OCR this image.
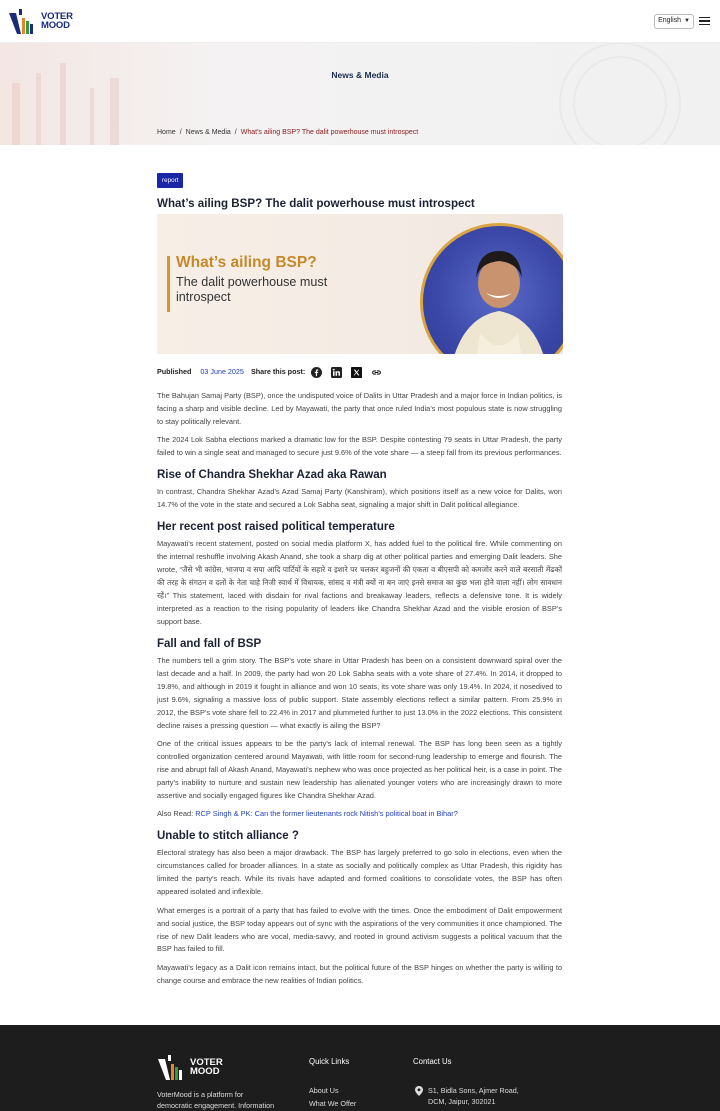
VOTER
MOOD	English ▼
News & Media
Home / News & Media / What's ailing BSP? The dalit powerhouse must introspect
report
What’s ailing BSP? The dalit powerhouse must introspect
What’s ailing BSP?
The dalit powerhouse must introspect
Published 03 June 2025 Share this post:

The Bahujan Samaj Party (BSP), once the undisputed voice of Dalits in Uttar Pradesh and a major force in Indian politics, is facing a sharp and visible decline. Led by Mayawati, the party that once ruled India’s most populous state is now struggling to stay politically relevant.

The 2024 Lok Sabha elections marked a dramatic low for the BSP. Despite contesting 79 seats in Uttar Pradesh, the party failed to win a single seat and managed to secure just 9.6% of the vote share — a steep fall from its previous performances.

Rise of Chandra Shekhar Azad aka Rawan

In contrast, Chandra Shekhar Azad’s Azad Samaj Party (Kanshiram), which positions itself as a new voice for Dalits, won 14.7% of the vote in the state and secured a Lok Sabha seat, signaling a major shift in Dalit political allegiance.

Her recent post raised political temperature

Mayawati’s recent statement, posted on social media platform X, has added fuel to the political fire. While commenting on the internal reshuffle involving Akash Anand, she took a sharp dig at other political parties and emerging Dalit leaders. She wrote, “जैसे भी कांग्रेस, भाजपा व सपा आदि पार्टियों के सहारे व इशारे पर चलकर बहुजनों की एकता व बीएसपी को कमजोर करने वाले बरसाती मेंढकों की तरह के संगठन व दलों के नेता चाहे निजी स्वार्थ में विधायक, सांसद व मंत्री क्यों ना बन जाएं इनसे समाज का कुछ भला होने वाला नहीं। लोग सावधान रहें।” This statement, laced with disdain for rival factions and breakaway leaders, reflects a defensive tone. It is widely interpreted as a reaction to the rising popularity of leaders like Chandra Shekhar Azad and the visible erosion of BSP’s support base.

Fall and fall of BSP

The numbers tell a grim story. The BSP’s vote share in Uttar Pradesh has been on a consistent downward spiral over the last decade and a half. In 2009, the party had won 20 Lok Sabha seats with a vote share of 27.4%. In 2014, it dropped to 19.8%, and although in 2019 it fought in alliance and won 10 seats, its vote share was only 19.4%. In 2024, it nosedived to just 9.6%, signaling a massive loss of public support. State assembly elections reflect a similar pattern. From 25.9% in 2012, the BSP’s vote share fell to 22.4% in 2017 and plummeted further to just 13.0% in the 2022 elections. This consistent decline raises a pressing question — what exactly is ailing the BSP?

One of the critical issues appears to be the party’s lack of internal renewal. The BSP has long been seen as a tightly controlled organization centered around Mayawati, with little room for second-rung leadership to emerge and flourish. The rise and abrupt fall of Akash Anand, Mayawati’s nephew who was once projected as her political heir, is a case in point. The party’s inability to nurture and sustain new leadership has alienated younger voters who are increasingly drawn to more assertive and socially engaged figures like Chandra Shekhar Azad.

Also Read: RCP Singh & PK: Can the former lieutenants rock Nitish’s political boat in Bihar?

Unable to stitch alliance ?

Electoral strategy has also been a major drawback. The BSP has largely preferred to go solo in elections, even when the circumstances called for broader alliances. In a state as socially and politically complex as Uttar Pradesh, this rigidity has limited the party’s reach. While its rivals have adapted and formed coalitions to consolidate votes, the BSP has often appeared isolated and inflexible.

What emerges is a portrait of a party that has failed to evolve with the times. Once the embodiment of Dalit empowerment and social justice, the BSP today appears out of sync with the aspirations of the very communities it once championed. The rise of new Dalit leaders who are vocal, media-savvy, and rooted in ground activism suggests a political vacuum that the BSP has failed to fill.

Mayawati’s legacy as a Dalit icon remains intact, but the political future of the BSP hinges on whether the party is willing to change course and embrace the new realities of Indian politics.

VOTER
MOOD
VoterMood is a platform for
democratic engagement. Information
Quick Links
About Us
What We Offer
Contact Us
S1, Bidla Sons, Ajmer Road,
DCM, Jaipur, 302021
